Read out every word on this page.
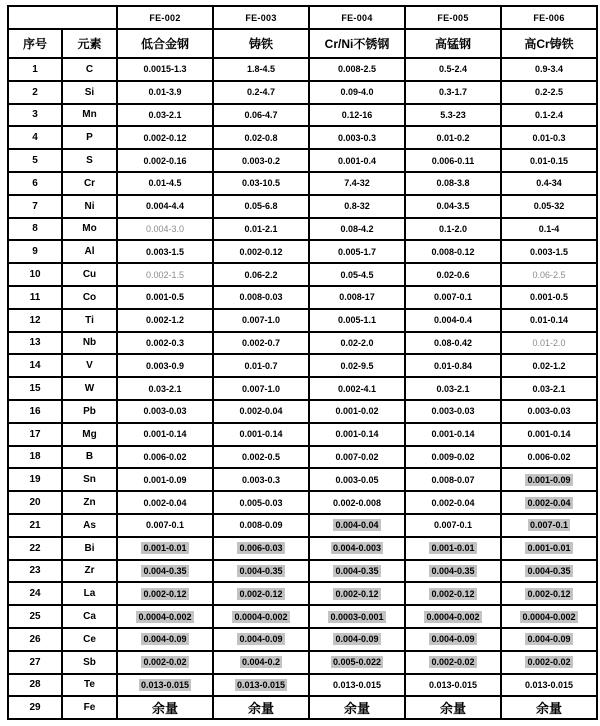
		FE-002	FE-003	FE-004	FE-005	FE-006
序号	元素	低合金钢	铸铁	Cr/Ni不锈钢	高锰钢	高Cr铸铁
1	C	0.0015-1.3	1.8-4.5	0.008-2.5	0.5-2.4	0.9-3.4
2	Si	0.01-3.9	0.2-4.7	0.09-4.0	0.3-1.7	0.2-2.5
3	Mn	0.03-2.1	0.06-4.7	0.12-16	5.3-23	0.1-2.4
4	P	0.002-0.12	0.02-0.8	0.003-0.3	0.01-0.2	0.01-0.3
5	S	0.002-0.16	0.003-0.2	0.001-0.4	0.006-0.11	0.01-0.15
6	Cr	0.01-4.5	0.03-10.5	7.4-32	0.08-3.8	0.4-34
7	Ni	0.004-4.4	0.05-6.8	0.8-32	0.04-3.5	0.05-32
8	Mo	0.004-3.0	0.01-2.1	0.08-4.2	0.1-2.0	0.1-4
9	Al	0.003-1.5	0.002-0.12	0.005-1.7	0.008-0.12	0.003-1.5
10	Cu	0.002-1.5	0.06-2.2	0.05-4.5	0.02-0.6	0.06-2.5
11	Co	0.001-0.5	0.008-0.03	0.008-17	0.007-0.1	0.001-0.5
12	Ti	0.002-1.2	0.007-1.0	0.005-1.1	0.004-0.4	0.01-0.14
13	Nb	0.002-0.3	0.002-0.7	0.02-2.0	0.08-0.42	0.01-2.0
14	V	0.003-0.9	0.01-0.7	0.02-9.5	0.01-0.84	0.02-1.2
15	W	0.03-2.1	0.007-1.0	0.002-4.1	0.03-2.1	0.03-2.1
16	Pb	0.003-0.03	0.002-0.04	0.001-0.02	0.003-0.03	0.003-0.03
17	Mg	0.001-0.14	0.001-0.14	0.001-0.14	0.001-0.14	0.001-0.14
18	B	0.006-0.02	0.002-0.5	0.007-0.02	0.009-0.02	0.006-0.02
19	Sn	0.001-0.09	0.003-0.3	0.003-0.05	0.008-0.07	0.001-0.09
20	Zn	0.002-0.04	0.005-0.03	0.002-0.008	0.002-0.04	0.002-0.04
21	As	0.007-0.1	0.008-0.09	0.004-0.04	0.007-0.1	0.007-0.1
22	Bi	0.001-0.01	0.006-0.03	0.004-0.003	0.001-0.01	0.001-0.01
23	Zr	0.004-0.35	0.004-0.35	0.004-0.35	0.004-0.35	0.004-0.35
24	La	0.002-0.12	0.002-0.12	0.002-0.12	0.002-0.12	0.002-0.12
25	Ca	0.0004-0.002	0.0004-0.002	0.0003-0.001	0.0004-0.002	0.0004-0.002
26	Ce	0.004-0.09	0.004-0.09	0.004-0.09	0.004-0.09	0.004-0.09
27	Sb	0.002-0.02	0.004-0.2	0.005-0.022	0.002-0.02	0.002-0.02
28	Te	0.013-0.015	0.013-0.015	0.013-0.015	0.013-0.015	0.013-0.015
29	Fe	余量	余量	余量	余量	余量
